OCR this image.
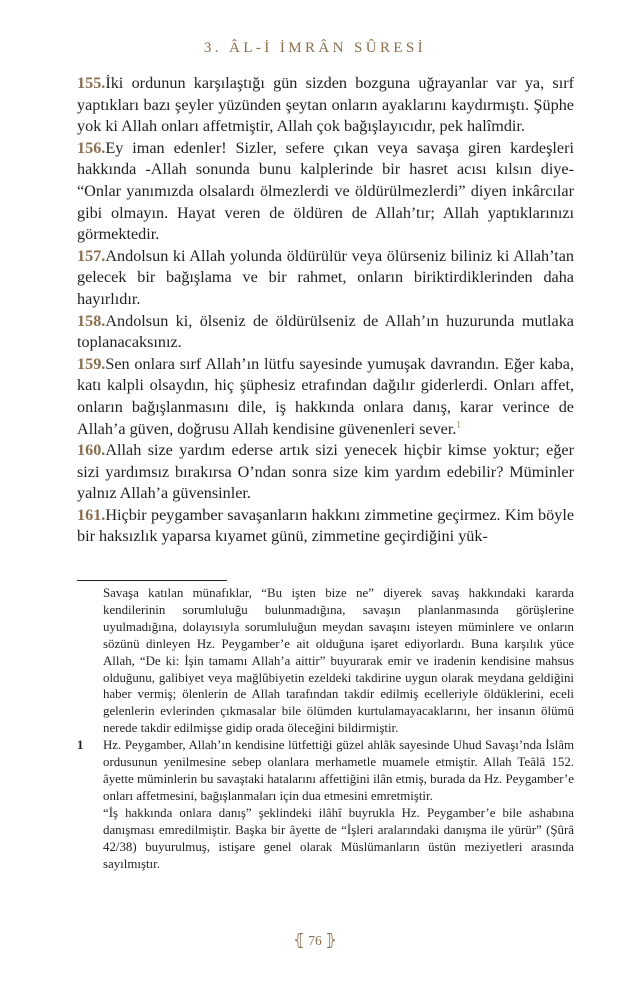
3. ÂL-İ İMRÂN SÛRESİ

155.İki ordunun karşılaştığı gün sizden bozguna uğrayanlar var ya, sırf yaptıkları bazı şeyler yüzünden şeytan onların ayaklarını kaydırmıştı. Şüphe yok ki Allah onları affetmiştir, Allah çok bağışlayıcıdır, pek halîmdir.

156.Ey iman edenler! Sizler, sefere çıkan veya savaşa giren kardeşleri hakkında -Allah sonunda bunu kalplerinde bir hasret acısı kılsın diye- “Onlar yanımızda olsalardı ölmezlerdi ve öldürülmezlerdi” diyen inkârcılar gibi olmayın. Hayat veren de öldüren de Allah’tır; Allah yaptıklarınızı görmektedir.

157.Andolsun ki Allah yolunda öldürülür veya ölürseniz biliniz ki Allah’tan gelecek bir bağışlama ve bir rahmet, onların biriktirdiklerinden daha hayırlıdır.

158.Andolsun ki, ölseniz de öldürülseniz de Allah’ın huzurunda mutlaka toplanacaksınız.

159.Sen onlara sırf Allah’ın lütfu sayesinde yumuşak davrandın. Eğer kaba, katı kalpli olsaydın, hiç şüphesiz etrafından dağılır giderlerdi. Onları affet, onların bağışlanmasını dile, iş hakkında onlara danış, karar verince de Allah’a güven, doğrusu Allah kendisine güvenenleri sever.$^1$

160.Allah size yardım ederse artık sizi yenecek hiçbir kimse yoktur; eğer sizi yardımsız bırakırsa O’ndan sonra size kim yardım edebilir? Müminler yalnız Allah’a güvensinler.

161.Hiçbir peygamber savaşanların hakkını zimmetine geçirmez. Kim böyle bir haksızlık yaparsa kıyamet günü, zimmetine geçirdiğini yük-

Savaşa katılan münafıklar, “Bu işten bize ne” diyerek savaş hakkındaki kararda kendilerinin sorumluluğu bulunmadığına, savaşın planlanmasında görüşlerine uyulmadığına, dolayısıyla sorumluluğun meydan savaşını isteyen müminlere ve onların sözünü dinleyen Hz. Peygamber’e ait olduğuna işaret ediyorlardı. Buna karşılık yüce Allah, “De ki: İşin tamamı Allah’a aittir” buyurarak emir ve iradenin kendisine mahsus olduğunu, galibiyet veya mağlûbiyetin ezeldeki takdirine uygun olarak meydana geldiğini haber vermiş; ölenlerin de Allah tarafından takdir edilmiş ecelleriyle öldüklerini, eceli gelenlerin evlerinden çıkmasalar bile ölümden kurtulamayacaklarını, her insanın ölümü nerede takdir edilmişse gidip orada öleceğini bildirmiştir.

1 Hz. Peygamber, Allah’ın kendisine lütfettiği güzel ahlâk sayesinde Uhud Savaşı’nda İslâm ordusunun yenilmesine sebep olanlara merhametle muamele etmiştir. Allah Teâlâ 152. âyette müminlerin bu savaştaki hatalarını affettiğini ilân etmiş, burada da Hz. Peygamber’e onları affetmesini, bağışlanmaları için dua etmesini emretmiştir.

“İş hakkında onlara danış” şeklindeki ilâhî buyrukla Hz. Peygamber’e bile ashabına danışması emredilmiştir. Başka bir âyette de “İşleri aralarındaki danışma ile yürür” (Şûrâ 42/38) buyurulmuş, istişare genel olarak Müslümanların üstün meziyetleri arasında sayılmıştır.

⦃ 76 ⦄
